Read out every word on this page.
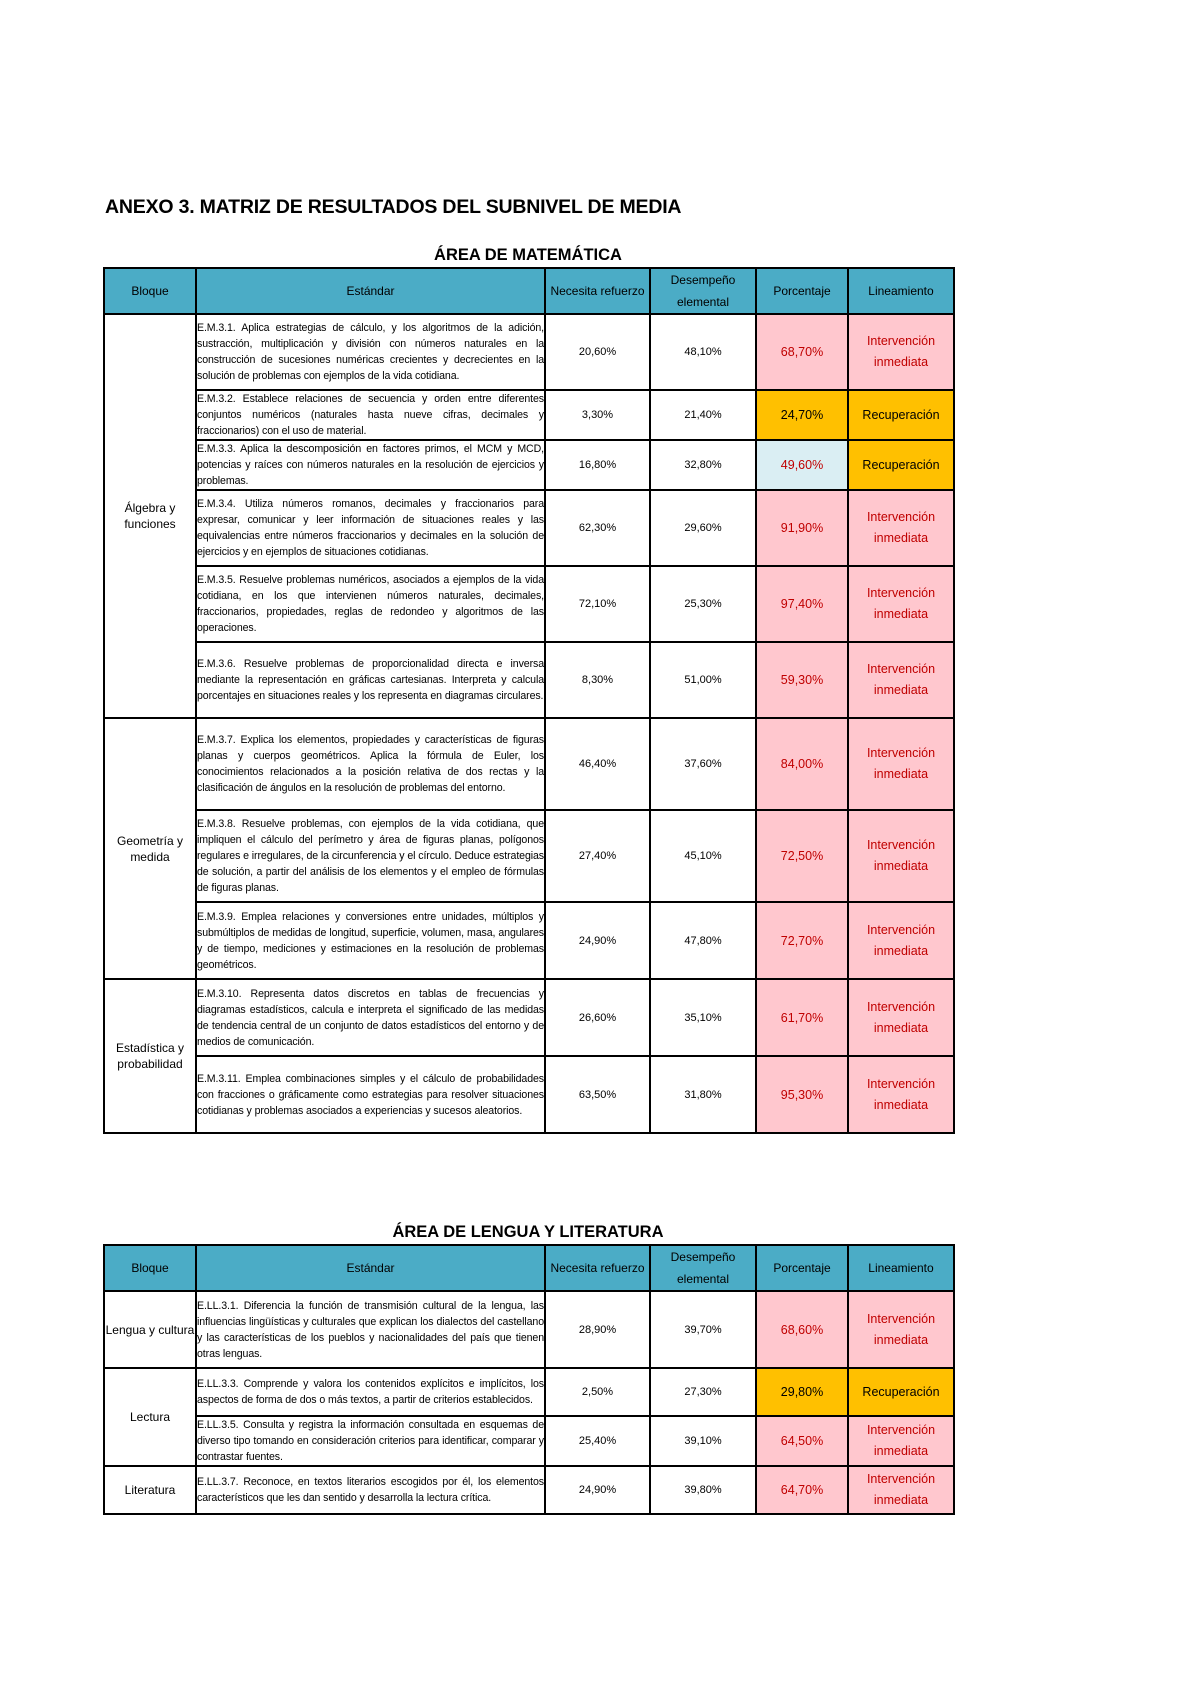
ANEXO 3. MATRIZ DE RESULTADOS DEL SUBNIVEL DE MEDIA
ÁREA DE MATEMÁTICA
Bloque	Estándar	Necesita refuerzo	Desempeño elemental	Porcentaje	Lineamiento
Álgebra y funciones	E.M.3.1. Aplica estrategias de cálculo, y los algoritmos de la adición, sustracción, multiplicación y división con números naturales en la construcción de sucesiones numéricas crecientes y decrecientes en la solución de problemas con ejemplos de la vida cotidiana.	20,60%	48,10%	68,70%	Intervención inmediata
	E.M.3.2. Establece relaciones de secuencia y orden entre diferentes conjuntos numéricos (naturales hasta nueve cifras, decimales y fraccionarios) con el uso de material.	3,30%	21,40%	24,70%	Recuperación
	E.M.3.3. Aplica la descomposición en factores primos, el MCM y MCD, potencias y raíces con números naturales en la resolución de ejercicios y problemas.	16,80%	32,80%	49,60%	Recuperación
	E.M.3.4. Utiliza números romanos, decimales y fraccionarios para expresar, comunicar y leer información de situaciones reales y las equivalencias entre números fraccionarios y decimales en la solución de ejercicios y en ejemplos de situaciones cotidianas.	62,30%	29,60%	91,90%	Intervención inmediata
	E.M.3.5. Resuelve problemas numéricos, asociados a ejemplos de la vida cotidiana, en los que intervienen números naturales, decimales, fraccionarios, propiedades, reglas de redondeo y algoritmos de las operaciones.	72,10%	25,30%	97,40%	Intervención inmediata
	E.M.3.6. Resuelve problemas de proporcionalidad directa e inversa mediante la representación en gráficas cartesianas. Interpreta y calcula porcentajes en situaciones reales y los representa en diagramas circulares.	8,30%	51,00%	59,30%	Intervención inmediata
Geometría y medida	E.M.3.7. Explica los elementos, propiedades y características de figuras planas y cuerpos geométricos. Aplica la fórmula de Euler, los conocimientos relacionados a la posición relativa de dos rectas y la clasificación de ángulos en la resolución de problemas del entorno.	46,40%	37,60%	84,00%	Intervención inmediata
	E.M.3.8. Resuelve problemas, con ejemplos de la vida cotidiana, que impliquen el cálculo del perímetro y área de figuras planas, polígonos regulares e irregulares, de la circunferencia y el círculo. Deduce estrategias de solución, a partir del análisis de los elementos y el empleo de fórmulas de figuras planas.	27,40%	45,10%	72,50%	Intervención inmediata
	E.M.3.9. Emplea relaciones y conversiones entre unidades, múltiplos y submúltiplos de medidas de longitud, superficie, volumen, masa, angulares y de tiempo, mediciones y estimaciones en la resolución de problemas geométricos.	24,90%	47,80%	72,70%	Intervención inmediata
Estadística y probabilidad	E.M.3.10. Representa datos discretos en tablas de frecuencias y diagramas estadísticos, calcula e interpreta el significado de las medidas de tendencia central de un conjunto de datos estadísticos del entorno y de medios de comunicación.	26,60%	35,10%	61,70%	Intervención inmediata
	E.M.3.11. Emplea combinaciones simples y el cálculo de probabilidades con fracciones o gráficamente como estrategias para resolver situaciones cotidianas y problemas asociados a experiencias y sucesos aleatorios.	63,50%	31,80%	95,30%	Intervención inmediata
ÁREA DE LENGUA Y LITERATURA
Bloque	Estándar	Necesita refuerzo	Desempeño elemental	Porcentaje	Lineamiento
Lengua y cultura	E.LL.3.1. Diferencia la función de transmisión cultural de la lengua, las influencias lingüísticas y culturales que explican los dialectos del castellano y las características de los pueblos y nacionalidades del país que tienen otras lenguas.	28,90%	39,70%	68,60%	Intervención inmediata
Lectura	E.LL.3.3. Comprende y valora los contenidos explícitos e implícitos, los aspectos de forma de dos o más textos, a partir de criterios establecidos.	2,50%	27,30%	29,80%	Recuperación
	E.LL.3.5. Consulta y registra la información consultada en esquemas de diverso tipo tomando en consideración criterios para identificar, comparar y contrastar fuentes.	25,40%	39,10%	64,50%	Intervención inmediata
Literatura	E.LL.3.7. Reconoce, en textos literarios escogidos por él, los elementos característicos que les dan sentido y desarrolla la lectura crítica.	24,90%	39,80%	64,70%	Intervención inmediata
